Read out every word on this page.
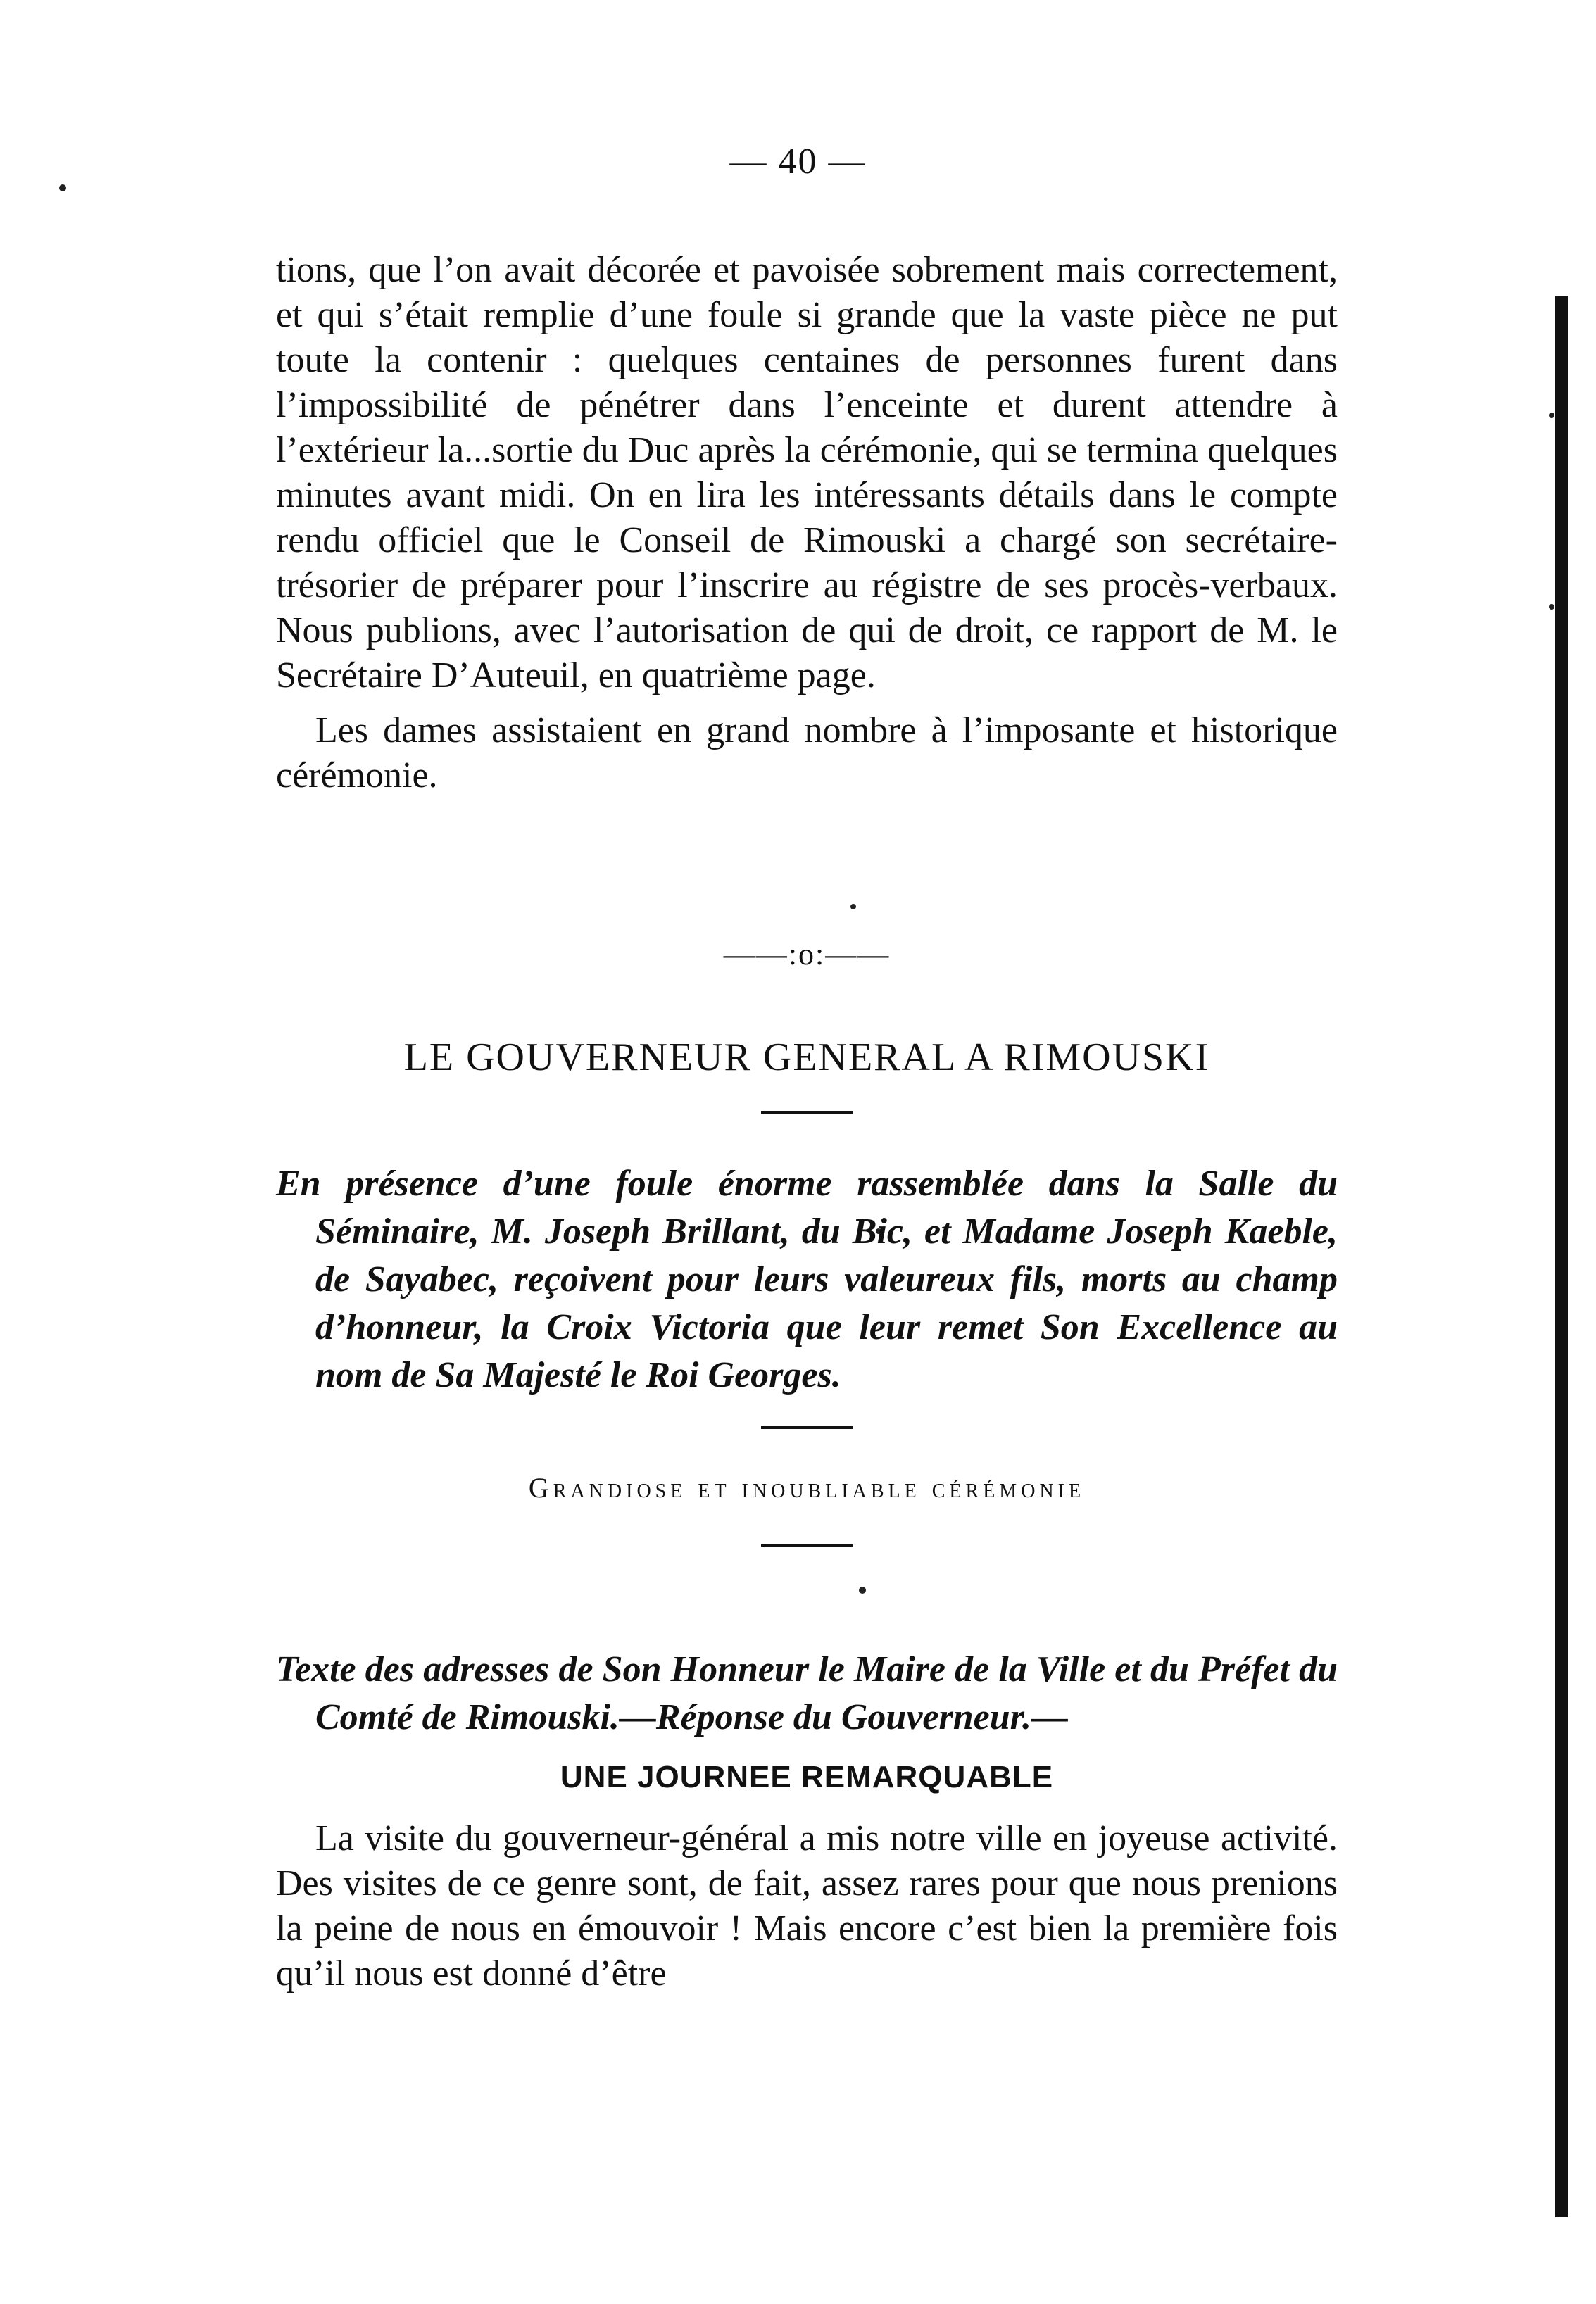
— 40 —

tions, que l’on avait décorée et pavoisée sobrement mais correctement, et qui s’était remplie d’une foule si grande que la vaste pièce ne put toute la contenir : quelques centaines de personnes furent dans l’impossibilité de pénétrer dans l’enceinte et durent attendre à l’extérieur la...sortie du Duc après la cérémonie, qui se termina quelques minutes avant midi. On en lira les intéressants détails dans le compte rendu officiel que le Conseil de Rimouski a chargé son secrétaire-trésorier de préparer pour l’inscrire au régistre de ses procès-verbaux. Nous publions, avec l’autorisation de qui de droit, ce rapport de M. le Secrétaire D’Auteuil, en quatrième page.

Les dames assistaient en grand nombre à l’imposante et historique cérémonie.

——:o:——

LE GOUVERNEUR GENERAL A RIMOUSKI

En présence d’une foule énorme rassemblée dans la Salle du Séminaire, M. Joseph Brillant, du Bic, et Madame Joseph Kaeble, de Sayabec, reçoivent pour leurs valeureux fils, morts au champ d’honneur, la Croix Victoria que leur remet Son Excellence au nom de Sa Majesté le Roi Georges.

Grandiose et inoubliable cérémonie

Texte des adresses de Son Honneur le Maire de la Ville et du Préfet du Comté de Rimouski.—Réponse du Gouverneur.—

UNE JOURNEE REMARQUABLE

La visite du gouverneur-général a mis notre ville en joyeuse activité. Des visites de ce genre sont, de fait, assez rares pour que nous prenions la peine de nous en émouvoir ! Mais encore c’est bien la première fois qu’il nous est donné d’être
